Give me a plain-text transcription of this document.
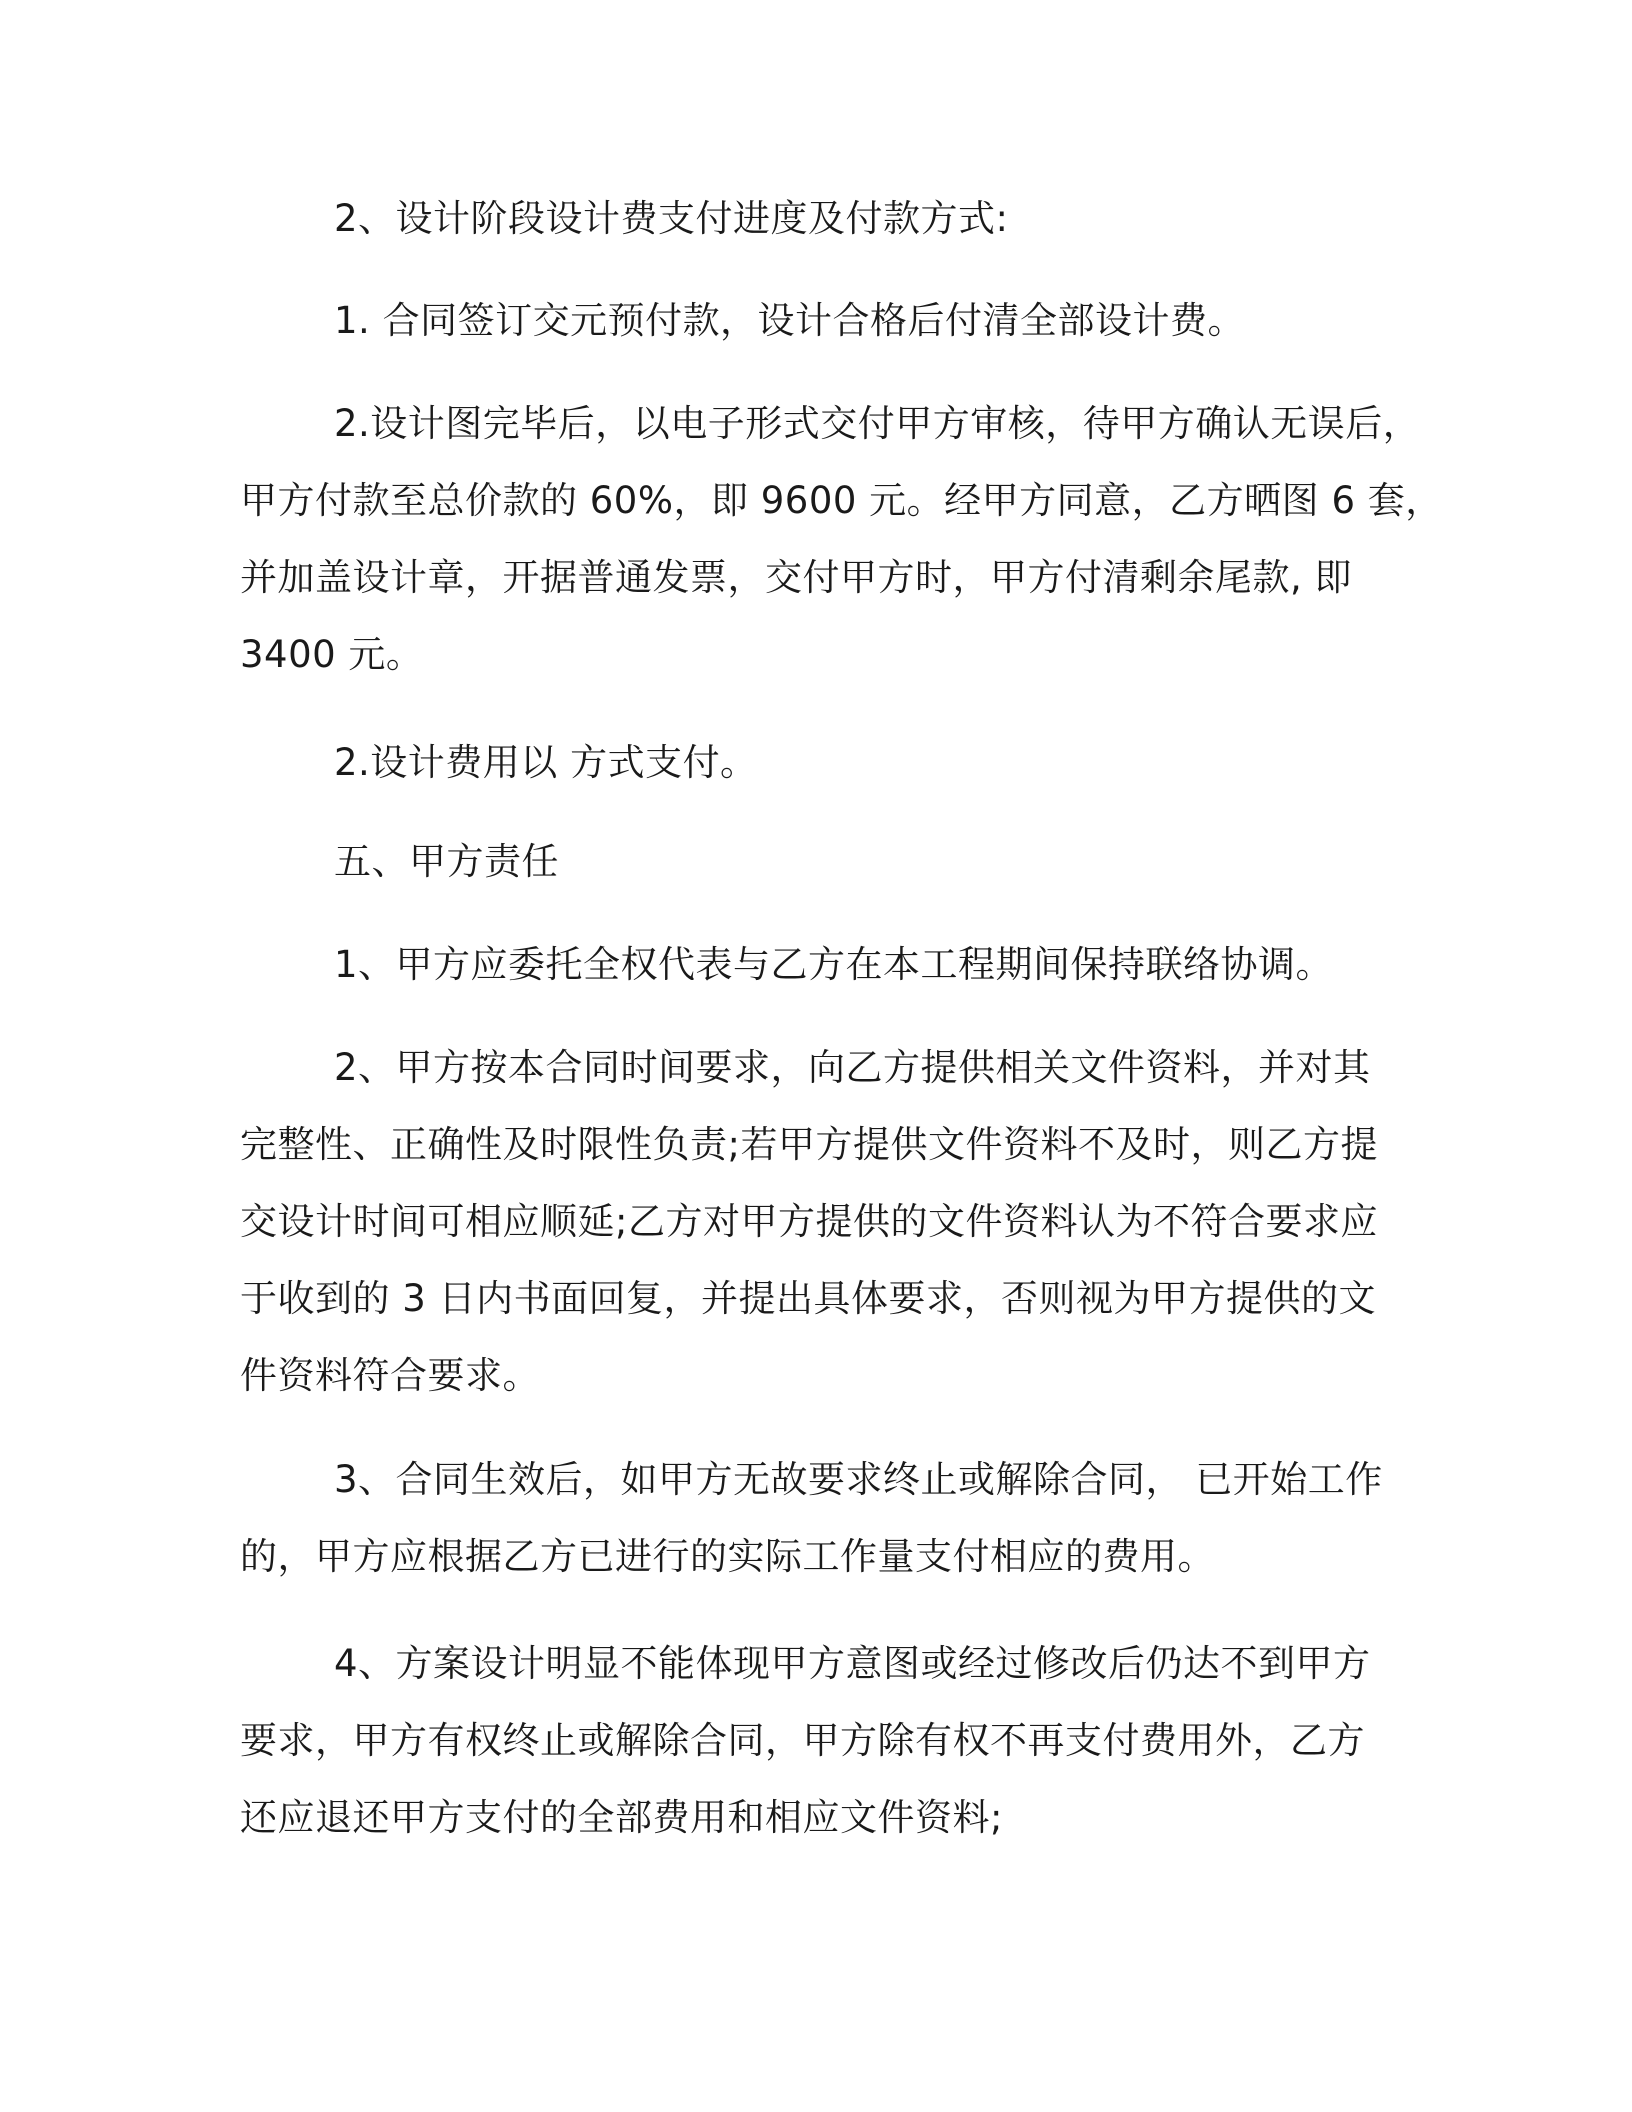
2、设计阶段设计费支付进度及付款方式:
1. 合同签订交元预付款，设计合格后付清全部设计费。
2.设计图完毕后，以电子形式交付甲方审核，待甲方确认无误后，
甲方付款至总价款的 60%，即 9600 元。经甲方同意，乙方晒图 6 套，
并加盖设计章，开据普通发票，交付甲方时，甲方付清剩余尾款, 即
3400 元。
2.设计费用以 方式支付。
五、甲方责任
1、甲方应委托全权代表与乙方在本工程期间保持联络协调。
2、甲方按本合同时间要求，向乙方提供相关文件资料，并对其
完整性、正确性及时限性负责;若甲方提供文件资料不及时，则乙方提
交设计时间可相应顺延;乙方对甲方提供的文件资料认为不符合要求应
于收到的 3 日内书面回复，并提出具体要求，否则视为甲方提供的文
件资料符合要求。
3、合同生效后，如甲方无故要求终止或解除合同， 已开始工作
的，甲方应根据乙方已进行的实际工作量支付相应的费用。
4、方案设计明显不能体现甲方意图或经过修改后仍达不到甲方
要求，甲方有权终止或解除合同，甲方除有权不再支付费用外，乙方
还应退还甲方支付的全部费用和相应文件资料;
